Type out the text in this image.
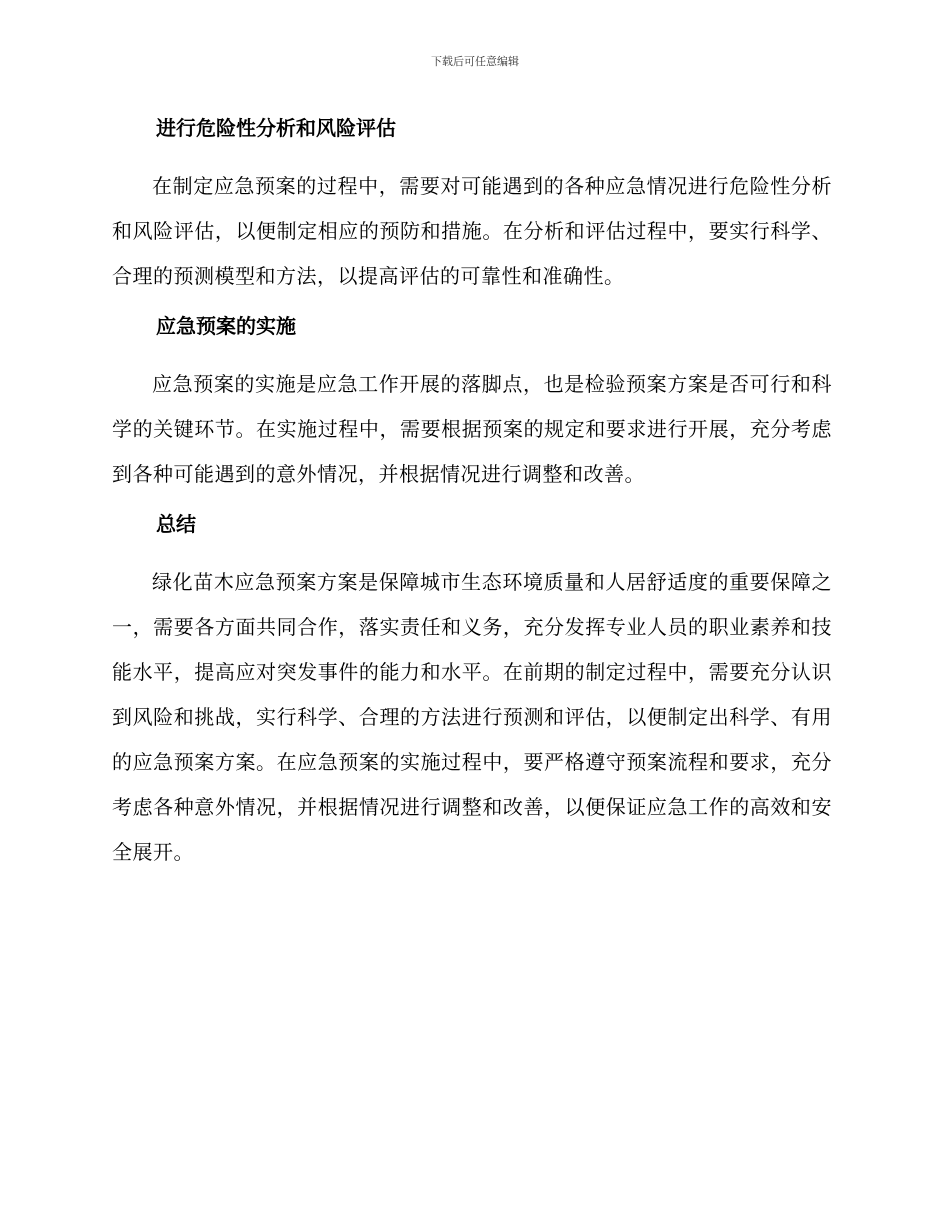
下载后可任意编辑
进行危险性分析和风险评估

在制定应急预案的过程中，需要对可能遇到的各种应急情况进行危险性分析和风险评估，以便制定相应的预防和措施。在分析和评估过程中，要实行科学、合理的预测模型和方法，以提高评估的可靠性和准确性。

应急预案的实施

应急预案的实施是应急工作开展的落脚点，也是检验预案方案是否可行和科学的关键环节。在实施过程中，需要根据预案的规定和要求进行开展，充分考虑到各种可能遇到的意外情况，并根据情况进行调整和改善。

总结

绿化苗木应急预案方案是保障城市生态环境质量和人居舒适度的重要保障之一，需要各方面共同合作，落实责任和义务，充分发挥专业人员的职业素养和技能水平，提高应对突发事件的能力和水平。在前期的制定过程中，需要充分认识到风险和挑战，实行科学、合理的方法进行预测和评估，以便制定出科学、有用的应急预案方案。在应急预案的实施过程中，要严格遵守预案流程和要求，充分考虑各种意外情况，并根据情况进行调整和改善，以便保证应急工作的高效和安全展开。
